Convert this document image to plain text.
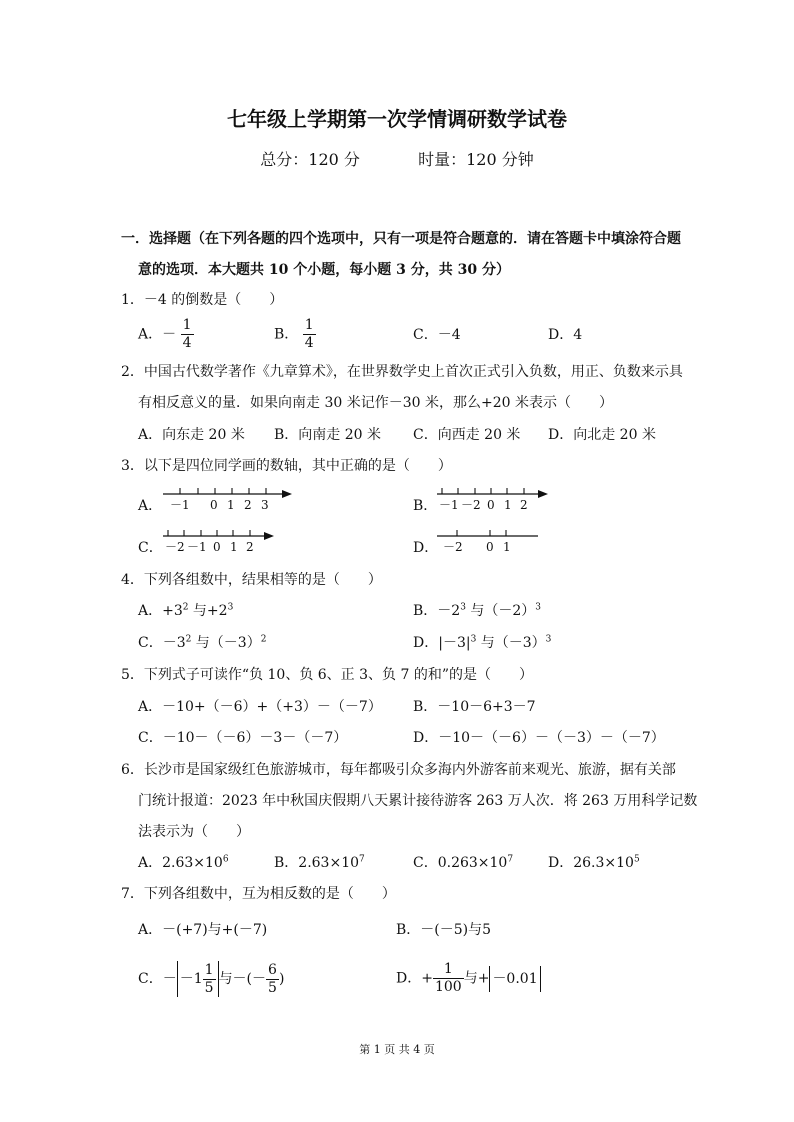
七年级上学期第一次学情调研数学试卷
总分：120 分	时量：120 分钟
一．选择题（在下列各题的四个选项中，只有一项是符合题意的．请在答题卡中填涂符合题
意的选项．本大题共 10 个小题，每小题 3 分，共 30 分）
1．－4 的倒数是（　　）
A．－ $\frac{1}{4}$	B． $\frac{1}{4}$	C．－4	D．4
2．中国古代数学著作《九章算术》，在世界数学史上首次正式引入负数，用正、负数来示具
有相反意义的量．如果向南走 30 米记作－30 米，那么+20 米表示（　　）
A．向东走 20 米 B．向南走 20 米 C．向西走 20 米 D．向北走 20 米
3．以下是四位同学画的数轴，其中正确的是（　　）
A． －1 0 1 2 3	B． －1 －2 0 1 2
C． －2 －1 0 1 2	D． －2 0 1
4．下列各组数中，结果相等的是（　　）
A．$+3^2$ 与$+2^3$	B．$-2^3$ 与$(-2)^3$
C．$-3^2$ 与$(-3)^2$	D．$|-3|^3$ 与$(-3)^3$
5．下列式子可读作“负 10、负 6、正 3、负 7 的和”的是（　　）
A．－10+（－6）+（+3）－（－7） B．－10－6+3－7
C．－10－（－6）－3－（－7）	D．－10－（－6）－（－3）－（－7）
6．长沙市是国家级红色旅游城市，每年都吸引众多海内外游客前来观光、旅游，据有关部
门统计报道：2023 年中秋国庆假期八天累计接待游客 263 万人次．将 263 万用科学记数
法表示为（　　）
A．$2.63\times 10^6$	B．$2.63\times 10^7$	C．$0.263\times 10^7$ D．$26.3\times 10^5$
7．下列各组数中，互为相反数的是（　　）
A．－(+7)与+(－7)	B．－(－5)与5
C．－ $-1 \frac{1}{5}$ 与－(－ $\frac{6}{5}$ )	D．+ $\frac{1}{100}$ 与+ －0.01
第 1 页 共 4 页
